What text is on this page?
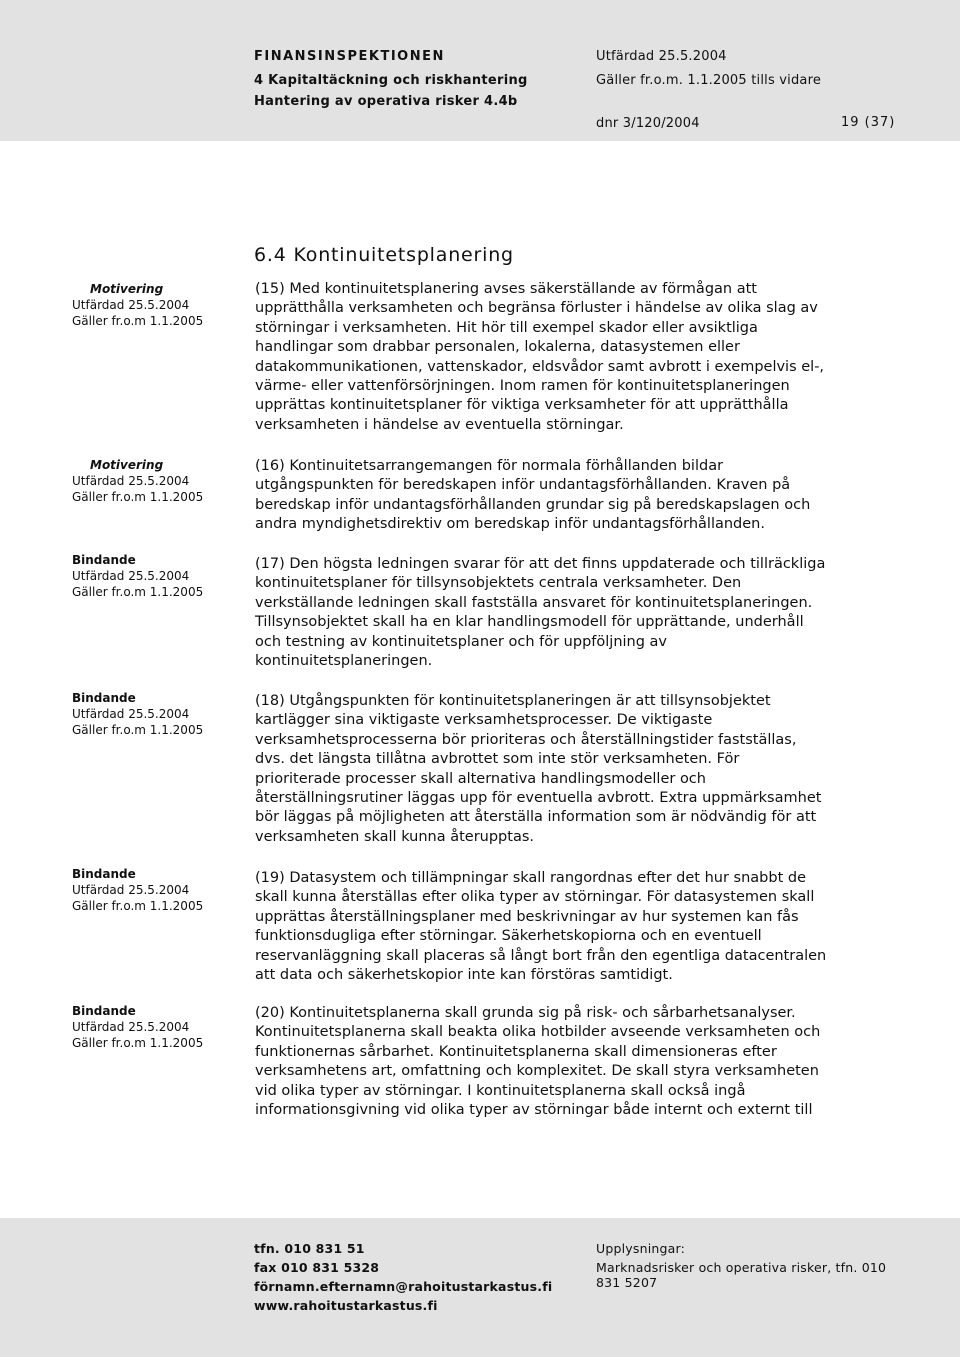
FINANSINSPEKTIONEN
4 Kapitaltäckning och riskhantering
Hantering av operativa risker 4.4b
Utfärdad 25.5.2004
Gäller fr.o.m. 1.1.2005 tills vidare
dnr 3/120/2004	19 (37)
6.4 Kontinuitetsplanering
Motivering
Utfärdad 25.5.2004
Gäller fr.o.m 1.1.2005
Motivering
Utfärdad 25.5.2004
Gäller fr.o.m 1.1.2005
Bindande
Utfärdad 25.5.2004
Gäller fr.o.m 1.1.2005
Bindande
Utfärdad 25.5.2004
Gäller fr.o.m 1.1.2005
Bindande
Utfärdad 25.5.2004
Gäller fr.o.m 1.1.2005
Bindande
Utfärdad 25.5.2004
Gäller fr.o.m 1.1.2005
(15) Med kontinuitetsplanering avses säkerställande av förmågan att
upprätthålla verksamheten och begränsa förluster i händelse av olika slag av
störningar i verksamheten. Hit hör till exempel skador eller avsiktliga
handlingar som drabbar personalen, lokalerna, datasystemen eller
datakommunikationen, vattenskador, eldsvådor samt avbrott i exempelvis el-,
värme- eller vattenförsörjningen. Inom ramen för kontinuitetsplaneringen
upprättas kontinuitetsplaner för viktiga verksamheter för att upprätthålla
verksamheten i händelse av eventuella störningar.
(16) Kontinuitetsarrangemangen för normala förhållanden bildar
utgångspunkten för beredskapen inför undantagsförhållanden. Kraven på
beredskap inför undantagsförhållanden grundar sig på beredskapslagen och
andra myndighetsdirektiv om beredskap inför undantagsförhållanden.
(17) Den högsta ledningen svarar för att det finns uppdaterade och tillräckliga
kontinuitetsplaner för tillsynsobjektets centrala verksamheter. Den
verkställande ledningen skall fastställa ansvaret för kontinuitetsplaneringen.
Tillsynsobjektet skall ha en klar handlingsmodell för upprättande, underhåll
och testning av kontinuitetsplaner och för uppföljning av
kontinuitetsplaneringen.
(18) Utgångspunkten för kontinuitetsplaneringen är att tillsynsobjektet
kartlägger sina viktigaste verksamhetsprocesser. De viktigaste
verksamhetsprocesserna bör prioriteras och återställningstider fastställas,
dvs. det längsta tillåtna avbrottet som inte stör verksamheten. För
prioriterade processer skall alternativa handlingsmodeller och
återställningsrutiner läggas upp för eventuella avbrott. Extra uppmärksamhet
bör läggas på möjligheten att återställa information som är nödvändig för att
verksamheten skall kunna återupptas.
(19) Datasystem och tillämpningar skall rangordnas efter det hur snabbt de
skall kunna återställas efter olika typer av störningar. För datasystemen skall
upprättas återställningsplaner med beskrivningar av hur systemen kan fås
funktionsdugliga efter störningar. Säkerhetskopiorna och en eventuell
reservanläggning skall placeras så långt bort från den egentliga datacentralen
att data och säkerhetskopior inte kan förstöras samtidigt.
(20) Kontinuitetsplanerna skall grunda sig på risk- och sårbarhetsanalyser.
Kontinuitetsplanerna skall beakta olika hotbilder avseende verksamheten och
funktionernas sårbarhet. Kontinuitetsplanerna skall dimensioneras efter
verksamhetens art, omfattning och komplexitet. De skall styra verksamheten
vid olika typer av störningar. I kontinuitetsplanerna skall också ingå
informationsgivning vid olika typer av störningar både internt och externt till
tfn. 010 831 51
fax 010 831 5328
förnamn.efternamn@rahoitustarkastus.fi
www.rahoitustarkastus.fi
Upplysningar:
Marknadsrisker och operativa risker, tfn. 010
831 5207
